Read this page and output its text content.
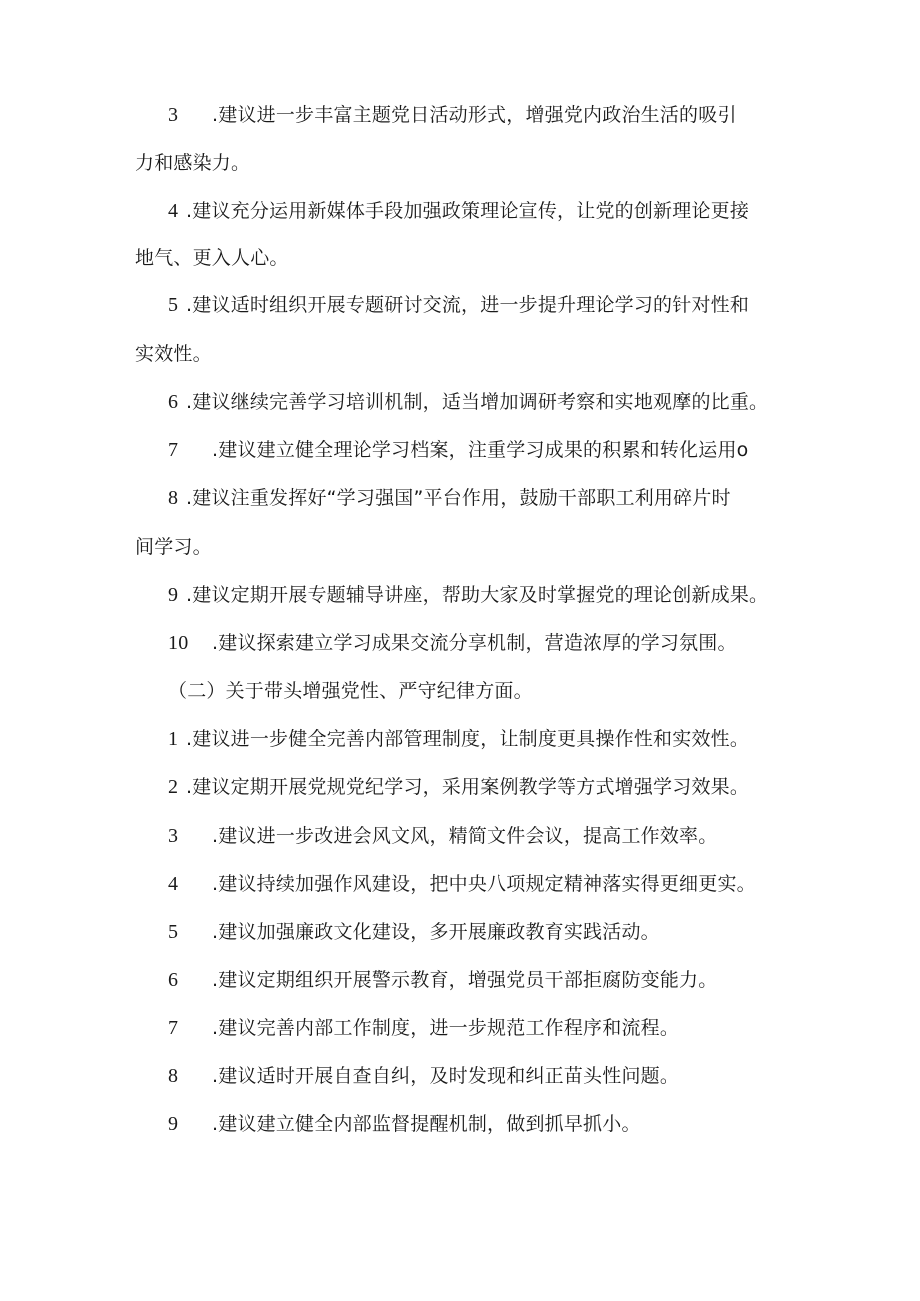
3 .建议进一步丰富主题党日活动形式，增强党内政治生活的吸引
力和感染力。
4 .建议充分运用新媒体手段加强政策理论宣传，让党的创新理论更接
地气、更入人心。
5 .建议适时组织开展专题研讨交流，进一步提升理论学习的针对性和
实效性。
6 .建议继续完善学习培训机制，适当增加调研考察和实地观摩的比重。
7 .建议建立健全理论学习档案，注重学习成果的积累和转化运用o
8 .建议注重发挥好“学习强国”平台作用，鼓励干部职工利用碎片时
间学习。
9 .建议定期开展专题辅导讲座，帮助大家及时掌握党的理论创新成果。
10 .建议探索建立学习成果交流分享机制，营造浓厚的学习氛围。
（二）关于带头增强党性、严守纪律方面。
1 .建议进一步健全完善内部管理制度，让制度更具操作性和实效性。
2 .建议定期开展党规党纪学习，采用案例教学等方式增强学习效果。
3 .建议进一步改进会风文风，精简文件会议，提高工作效率。
4 .建议持续加强作风建设，把中央八项规定精神落实得更细更实。
5 .建议加强廉政文化建设，多开展廉政教育实践活动。
6 .建议定期组织开展警示教育，增强党员干部拒腐防变能力。
7 .建议完善内部工作制度，进一步规范工作程序和流程。
8 .建议适时开展自查自纠，及时发现和纠正苗头性问题。
9 .建议建立健全内部监督提醒机制，做到抓早抓小。
